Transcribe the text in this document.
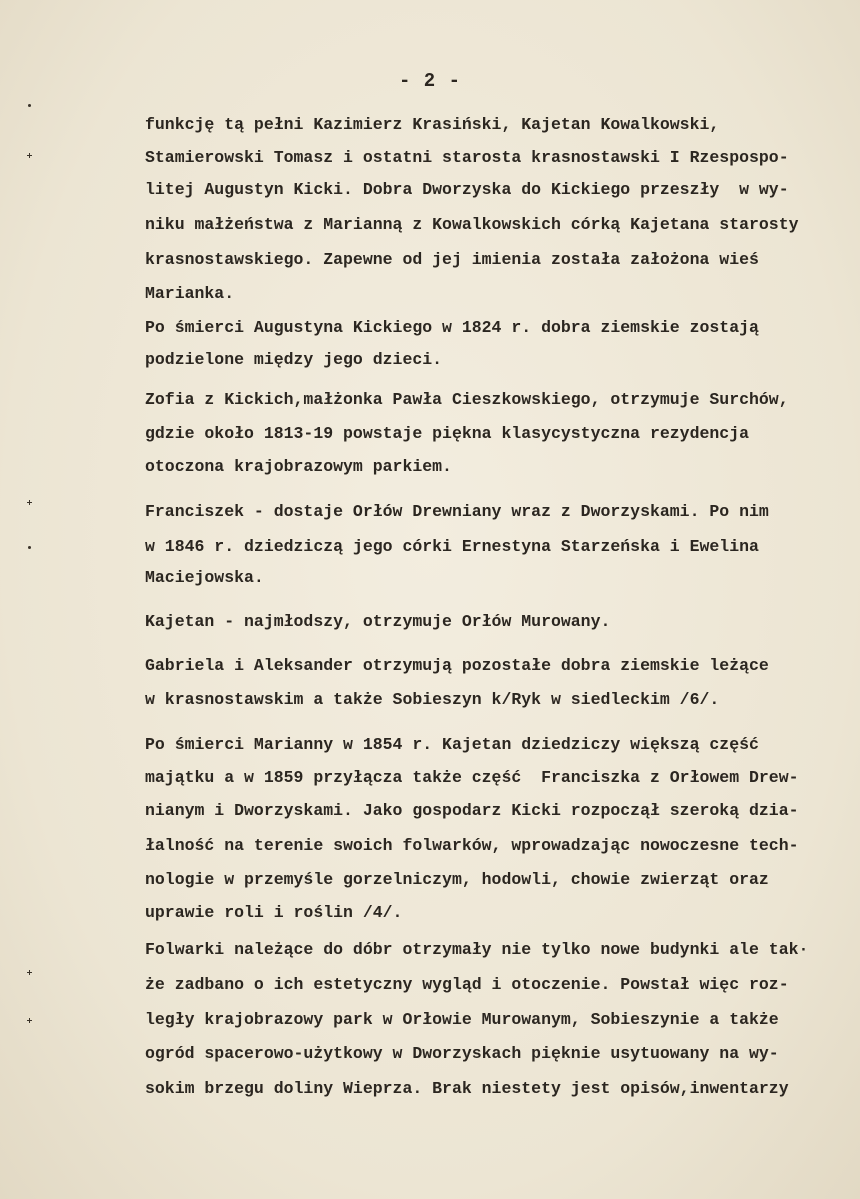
- 2 -
funkcję tą pełni Kazimierz Krasiński, Kajetan Kowalkowski,
Stamierowski Tomasz i ostatni starosta krasnostawski I Rzespospo-
litej Augustyn Kicki. Dobra Dworzyska do Kickiego przeszły  w wy-
niku małżeństwa z Marianną z Kowalkowskich córką Kajetana starosty
krasnostawskiego. Zapewne od jej imienia została założona wieś
Marianka.
Po śmierci Augustyna Kickiego w 1824 r. dobra ziemskie zostają
podzielone między jego dzieci.
Zofia z Kickich,małżonka Pawła Cieszkowskiego, otrzymuje Surchów,
gdzie około 1813-19 powstaje piękna klasycystyczna rezydencja
otoczona krajobrazowym parkiem.
Franciszek - dostaje Orłów Drewniany wraz z Dworzyskami. Po nim
w 1846 r. dziedziczą jego córki Ernestyna Starzeńska i Ewelina
Maciejowska.
Kajetan - najmłodszy, otrzymuje Orłów Murowany.
Gabriela i Aleksander otrzymują pozostałe dobra ziemskie leżące
w krasnostawskim a także Sobieszyn k/Ryk w siedleckim /6/.
Po śmierci Marianny w 1854 r. Kajetan dziedziczy większą część
majątku a w 1859 przyłącza także część  Franciszka z Orłowem Drew-
nianym i Dworzyskami. Jako gospodarz Kicki rozpoczął szeroką dzia-
łalność na terenie swoich folwarków, wprowadzając nowoczesne tech-
nologie w przemyśle gorzelniczym, hodowli, chowie zwierząt oraz
uprawie roli i roślin /4/.
Folwarki należące do dóbr otrzymały nie tylko nowe budynki ale tak·
że zadbano o ich estetyczny wygląd i otoczenie. Powstał więc roz-
legły krajobrazowy park w Orłowie Murowanym, Sobieszynie a także
ogród spacerowo-użytkowy w Dworzyskach pięknie usytuowany na wy-
sokim brzegu doliny Wieprza. Brak niestety jest opisów,inwentarzy
